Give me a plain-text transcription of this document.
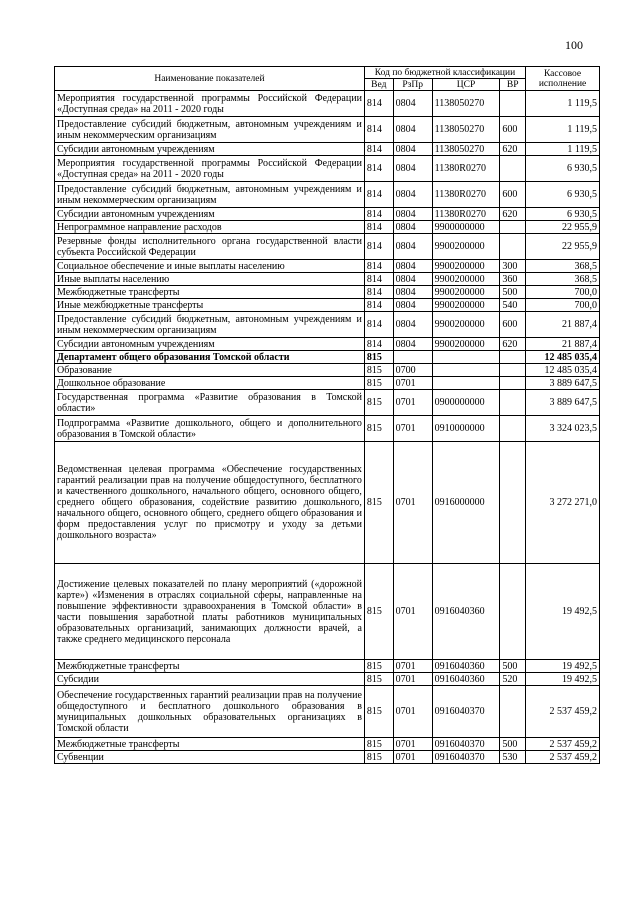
100
Наименование показателей	Код по бюджетной классификации				Кассовое исполнение
	Вед	РзПр	ЦСР	ВР	
Мероприятия государственной программы Российской Федерации «Доступная среда» на 2011 - 2020 годы	814	0804	1138050270		1 119,5
Предоставление субсидий бюджетным, автономным учреждениям и иным некоммерческим организациям	814	0804	1138050270	600	1 119,5
Субсидии автономным учреждениям	814	0804	1138050270	620	1 119,5
Мероприятия государственной программы Российской Федерации «Доступная среда» на 2011 - 2020 годы	814	0804	11380R0270		6 930,5
Предоставление субсидий бюджетным, автономным учреждениям и иным некоммерческим организациям	814	0804	11380R0270	600	6 930,5
Субсидии автономным учреждениям	814	0804	11380R0270	620	6 930,5
Непрограммное направление расходов	814	0804	9900000000		22 955,9
Резервные фонды исполнительного органа государственной власти субъекта Российской Федерации	814	0804	9900200000		22 955,9
Социальное обеспечение и иные выплаты населению	814	0804	9900200000	300	368,5
Иные выплаты населению	814	0804	9900200000	360	368,5
Межбюджетные трансферты	814	0804	9900200000	500	700,0
Иные межбюджетные трансферты	814	0804	9900200000	540	700,0
Предоставление субсидий бюджетным, автономным учреждениям и иным некоммерческим организациям	814	0804	9900200000	600	21 887,4
Субсидии автономным учреждениям	814	0804	9900200000	620	21 887,4
Департамент общего образования Томской области	815				12 485 035,4
Образование	815	0700			12 485 035,4
Дошкольное образование	815	0701			3 889 647,5
Государственная программа «Развитие образования в Томской области»	815	0701	0900000000		3 889 647,5
Подпрограмма «Развитие дошкольного, общего и дополнительного образования в Томской области»	815	0701	0910000000		3 324 023,5
Ведомственная целевая программа «Обеспечение государственных гарантий реализации прав на получение общедоступного, бесплатного и качественного дошкольного, начального общего, основного общего, среднего общего образования, содействие развитию дошкольного, начального общего, основного общего, среднего общего образования и форм предоставления услуг по присмотру и уходу за детьми дошкольного возраста»	815	0701	0916000000		3 272 271,0
Достижение целевых показателей по плану мероприятий («дорожной карте») «Изменения в отраслях социальной сферы, направленные на повышение эффективности здравоохранения в Томской области» в части повышения заработной платы работников муниципальных образовательных организаций, занимающих должности врачей, а также среднего медицинского персонала	815	0701	0916040360		19 492,5
Межбюджетные трансферты	815	0701	0916040360	500	19 492,5
Субсидии	815	0701	0916040360	520	19 492,5
Обеспечение государственных гарантий реализации прав на получение общедоступного и бесплатного дошкольного образования в муниципальных дошкольных образовательных организациях в Томской области	815	0701	0916040370		2 537 459,2
Межбюджетные трансферты	815	0701	0916040370	500	2 537 459,2
Субвенции	815	0701	0916040370	530	2 537 459,2
